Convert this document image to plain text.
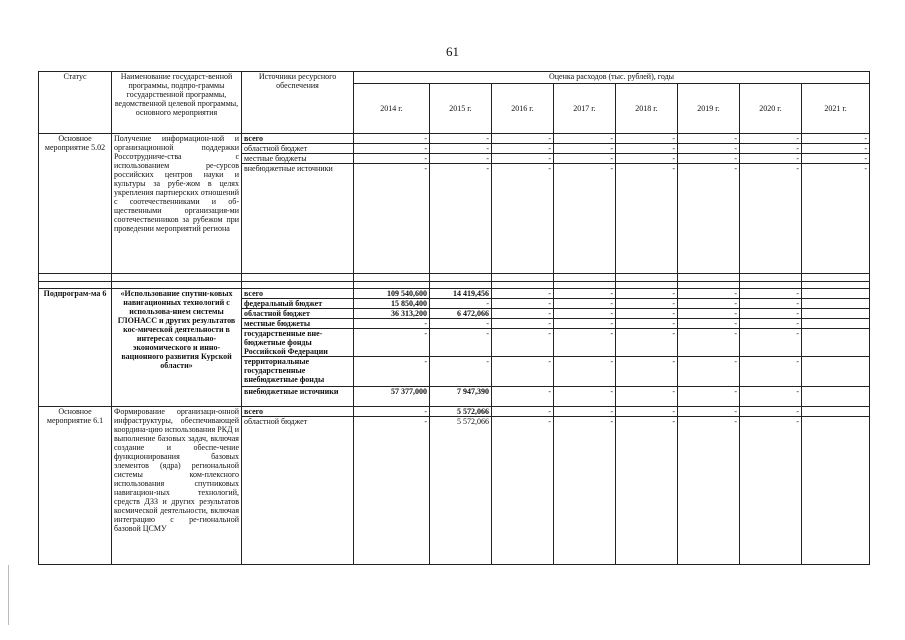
61
Статус	Наименование государст-венной программы, подпро-граммы государственной программы, ведомственной целевой программы, основного мероприятия	Источники ресурсного обеспечения	Оценка расходов (тыс. рублей), годы							
			2014 г.	2015 г.	2016 г.	2017 г.	2018 г.	2019 г.	2020 г.	2021 г.
Основное мероприятие 5.02	Получение информацион-ной и организационной поддержки Россотрудниче-ства с использованием ре-сурсов российских центров науки и культуры за рубе-жом в целях укрепления партнерских отношений с соотечественниками и об-щественными организация-ми соотечественников за рубежом при проведении мероприятий региона	всего	-	-	-	-	-	-	-	-
		областной бюджет	-	-	-	-	-	-	-	-
		местные бюджеты	-	-	-	-	-	-	-	-
		внебюджетные источники	-	-	-	-	-	-	-	-

Подпрограм-ма 6	«Использование спутни-ковых навигационных технологий с использова-нием системы ГЛОНАСС и других результатов кос-мической деятельности в интересах социально-экономического и инно-вационного развития Курской области»	всего	109 540,600	14 419,456	-	-	-	-	-	
		федеральный бюджет	15 850,400	-	-	-	-	-	-	
		областной бюджет	36 313,200	6 472,066	-	-	-	-	-	
		местные бюджеты	-	-	-	-	-	-	-	
		государственные вне-бюджетные фонды Российской Федерации	-	-	-	-	-	-	-	
		территориальные государственные внебюджетные фонды	-	-	-	-	-	-	-	
		внебюджетные источники	57 377,000	7 947,390	-	-	-	-	-	
Основное мероприятие 6.1	Формирование организаци-онной инфраструктуры, обеспечивающей координа-цию использования РКД и выполнение базовых задач, включая создание и обеспе-чение функционирования базовых элементов (ядра) региональной системы ком-плексного использования спутниковых навигацион-ных технологий, средств ДЗЗ и других результатов космической деятельности, включая интеграцию с ре-гиональной базовой ЦСМУ	всего	-	5 572,066	-	-	-	-	-	
		областной бюджет	-	5 572,066	-	-	-	-	-	
